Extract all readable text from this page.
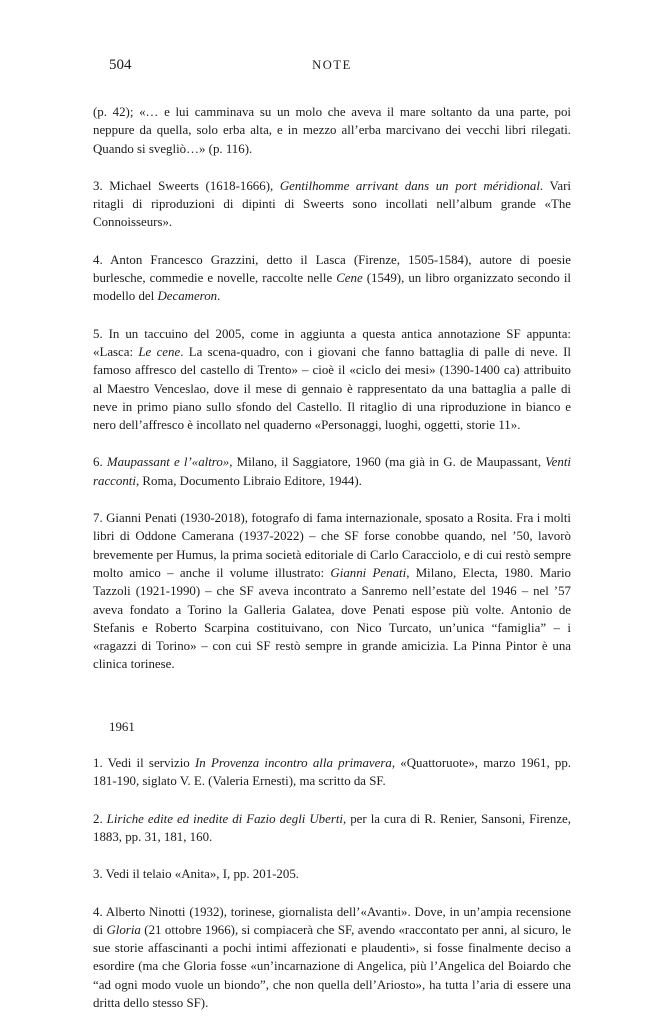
504	NOTE

(p. 42); «… e lui camminava su un molo che aveva il mare soltanto da una parte, poi neppure da quella, solo erba alta, e in mezzo all’erba marcivano dei vecchi libri rilegati. Quando si svegliò…» (p. 116).

3. Michael Sweerts (1618-1666), Gentilhomme arrivant dans un port méridional. Vari ritagli di riproduzioni di dipinti di Sweerts sono incollati nell’album grande «The Connoisseurs».

4. Anton Francesco Grazzini, detto il Lasca (Firenze, 1505-1584), autore di poesie burlesche, commedie e novelle, raccolte nelle Cene (1549), un libro organizzato secondo il modello del Decameron.

5. In un taccuino del 2005, come in aggiunta a questa antica annotazione SF appunta: «Lasca: Le cene. La scena-quadro, con i giovani che fanno battaglia di palle di neve. Il famoso affresco del castello di Trento» – cioè il «ciclo dei mesi» (1390-1400 ca) attribuito al Maestro Venceslao, dove il mese di gennaio è rappresentato da una battaglia a palle di neve in primo piano sullo sfondo del Castello. Il ritaglio di una riproduzione in bianco e nero dell’affresco è incollato nel quaderno «Personaggi, luoghi, oggetti, storie 11».

6. Maupassant e l’«altro», Milano, il Saggiatore, 1960 (ma già in G. de Maupassant, Venti racconti, Roma, Documento Libraio Editore, 1944).

7. Gianni Penati (1930-2018), fotografo di fama internazionale, sposato a Rosita. Fra i molti libri di Oddone Camerana (1937-2022) – che SF forse conobbe quando, nel ’50, lavorò brevemente per Humus, la prima società editoriale di Carlo Caracciolo, e di cui restò sempre molto amico – anche il volume illustrato: Gianni Penati, Milano, Electa, 1980. Mario Tazzoli (1921-1990) – che SF aveva incontrato a Sanremo nell’estate del 1946 – nel ’57 aveva fondato a Torino la Galleria Galatea, dove Penati espose più volte. Antonio de Stefanis e Roberto Scarpina costituivano, con Nico Turcato, un’unica “famiglia” – i «ragazzi di Torino» – con cui SF restò sempre in grande amicizia. La Pinna Pintor è una clinica torinese.

1961

1. Vedi il servizio In Provenza incontro alla primavera, «Quattoruote», marzo 1961, pp. 181-190, siglato V. E. (Valeria Ernesti), ma scritto da SF.

2. Liriche edite ed inedite di Fazio degli Uberti, per la cura di R. Renier, Sansoni, Firenze, 1883, pp. 31, 181, 160.

3. Vedi il telaio «Anita», I, pp. 201-205.

4. Alberto Ninotti (1932), torinese, giornalista dell’«Avanti». Dove, in un’ampia recensione di Gloria (21 ottobre 1966), si compiacerà che SF, avendo «raccontato per anni, al sicuro, le sue storie affascinanti a pochi intimi affezionati e plaudenti», si fosse finalmente deciso a esordire (ma che Gloria fosse «un’incarnazione di Angelica, più l’Angelica del Boiardo che “ad ogni modo vuole un biondo”, che non quella dell’Ariosto», ha tutta l’aria di essere una dritta dello stesso SF).
